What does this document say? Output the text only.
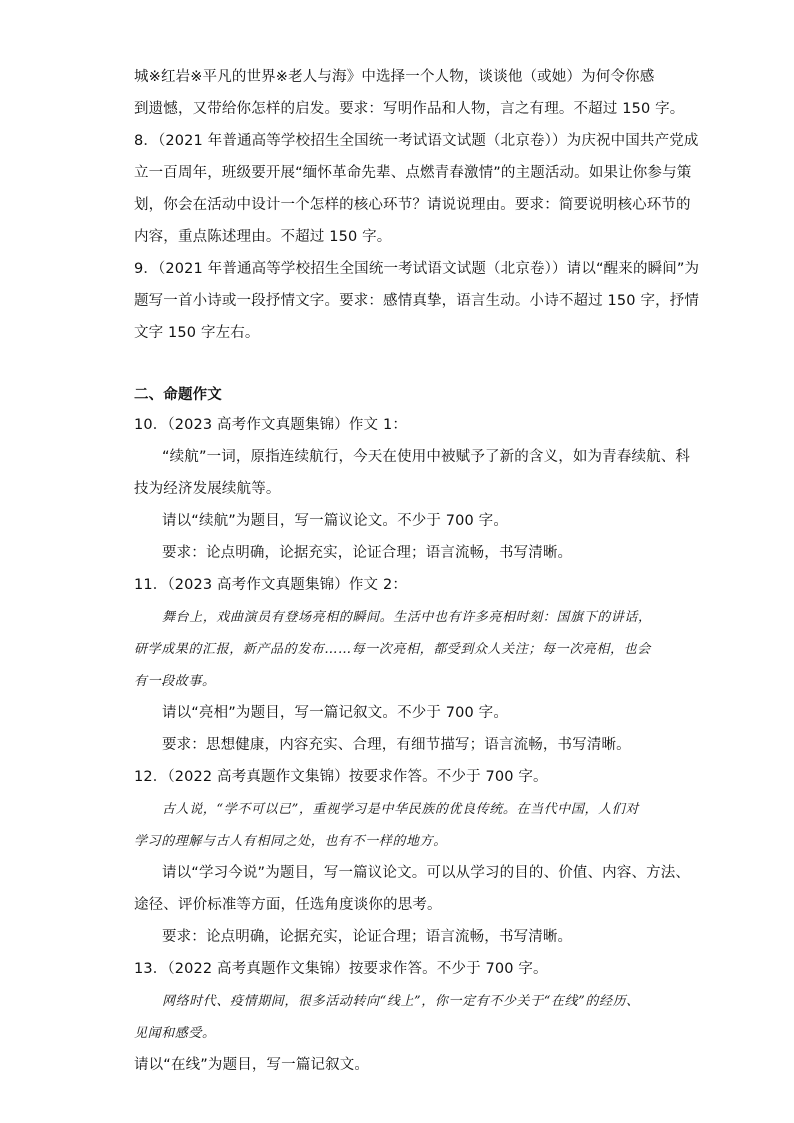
城※红岩※平凡的世界※老人与海》中选择一个人物，谈谈他（或她）为何令你感
到遗憾，又带给你怎样的启发。要求：写明作品和人物，言之有理。不超过 150 字。
8．（2021 年普通高等学校招生全国统一考试语文试题（北京卷））为庆祝中国共产党成
立一百周年，班级要开展“缅怀革命先辈、点燃青春激情”的主题活动。如果让你参与策
划，你会在活动中设计一个怎样的核心环节？请说说理由。要求：简要说明核心环节的
内容，重点陈述理由。不超过 150 字。
9．（2021 年普通高等学校招生全国统一考试语文试题（北京卷））请以“醒来的瞬间”为
题写一首小诗或一段抒情文字。要求：感情真挚，语言生动。小诗不超过 150 字，抒情
文字 150 字左右。
二、命题作文
10．（2023 高考作文真题集锦）作文 1：
“续航”一词，原指连续航行，今天在使用中被赋予了新的含义，如为青春续航、科
技为经济发展续航等。
请以“续航”为题目，写一篇议论文。不少于 700 字。
要求：论点明确，论据充实，论证合理；语言流畅，书写清晰。
11．（2023 高考作文真题集锦）作文 2：
舞台上，戏曲演员有登场亮相的瞬间。生活中也有许多亮相时刻：国旗下的讲话，
研学成果的汇报，新产品的发布……每一次亮相，都受到众人关注；每一次亮相，也会
有一段故事。
请以“亮相”为题目，写一篇记叙文。不少于 700 字。
要求：思想健康，内容充实、合理，有细节描写；语言流畅，书写清晰。
12．（2022 高考真题作文集锦）按要求作答。不少于 700 字。
古人说，“学不可以已”，重视学习是中华民族的优良传统。在当代中国，人们对
学习的理解与古人有相同之处，也有不一样的地方。
请以“学习今说”为题目，写一篇议论文。可以从学习的目的、价值、内容、方法、
途径、评价标准等方面，任选角度谈你的思考。
要求：论点明确，论据充实，论证合理；语言流畅，书写清晰。
13．（2022 高考真题作文集锦）按要求作答。不少于 700 字。
网络时代、疫情期间，很多活动转向“线上”，你一定有不少关于“在线”的经历、
见闻和感受。
请以“在线”为题目，写一篇记叙文。
